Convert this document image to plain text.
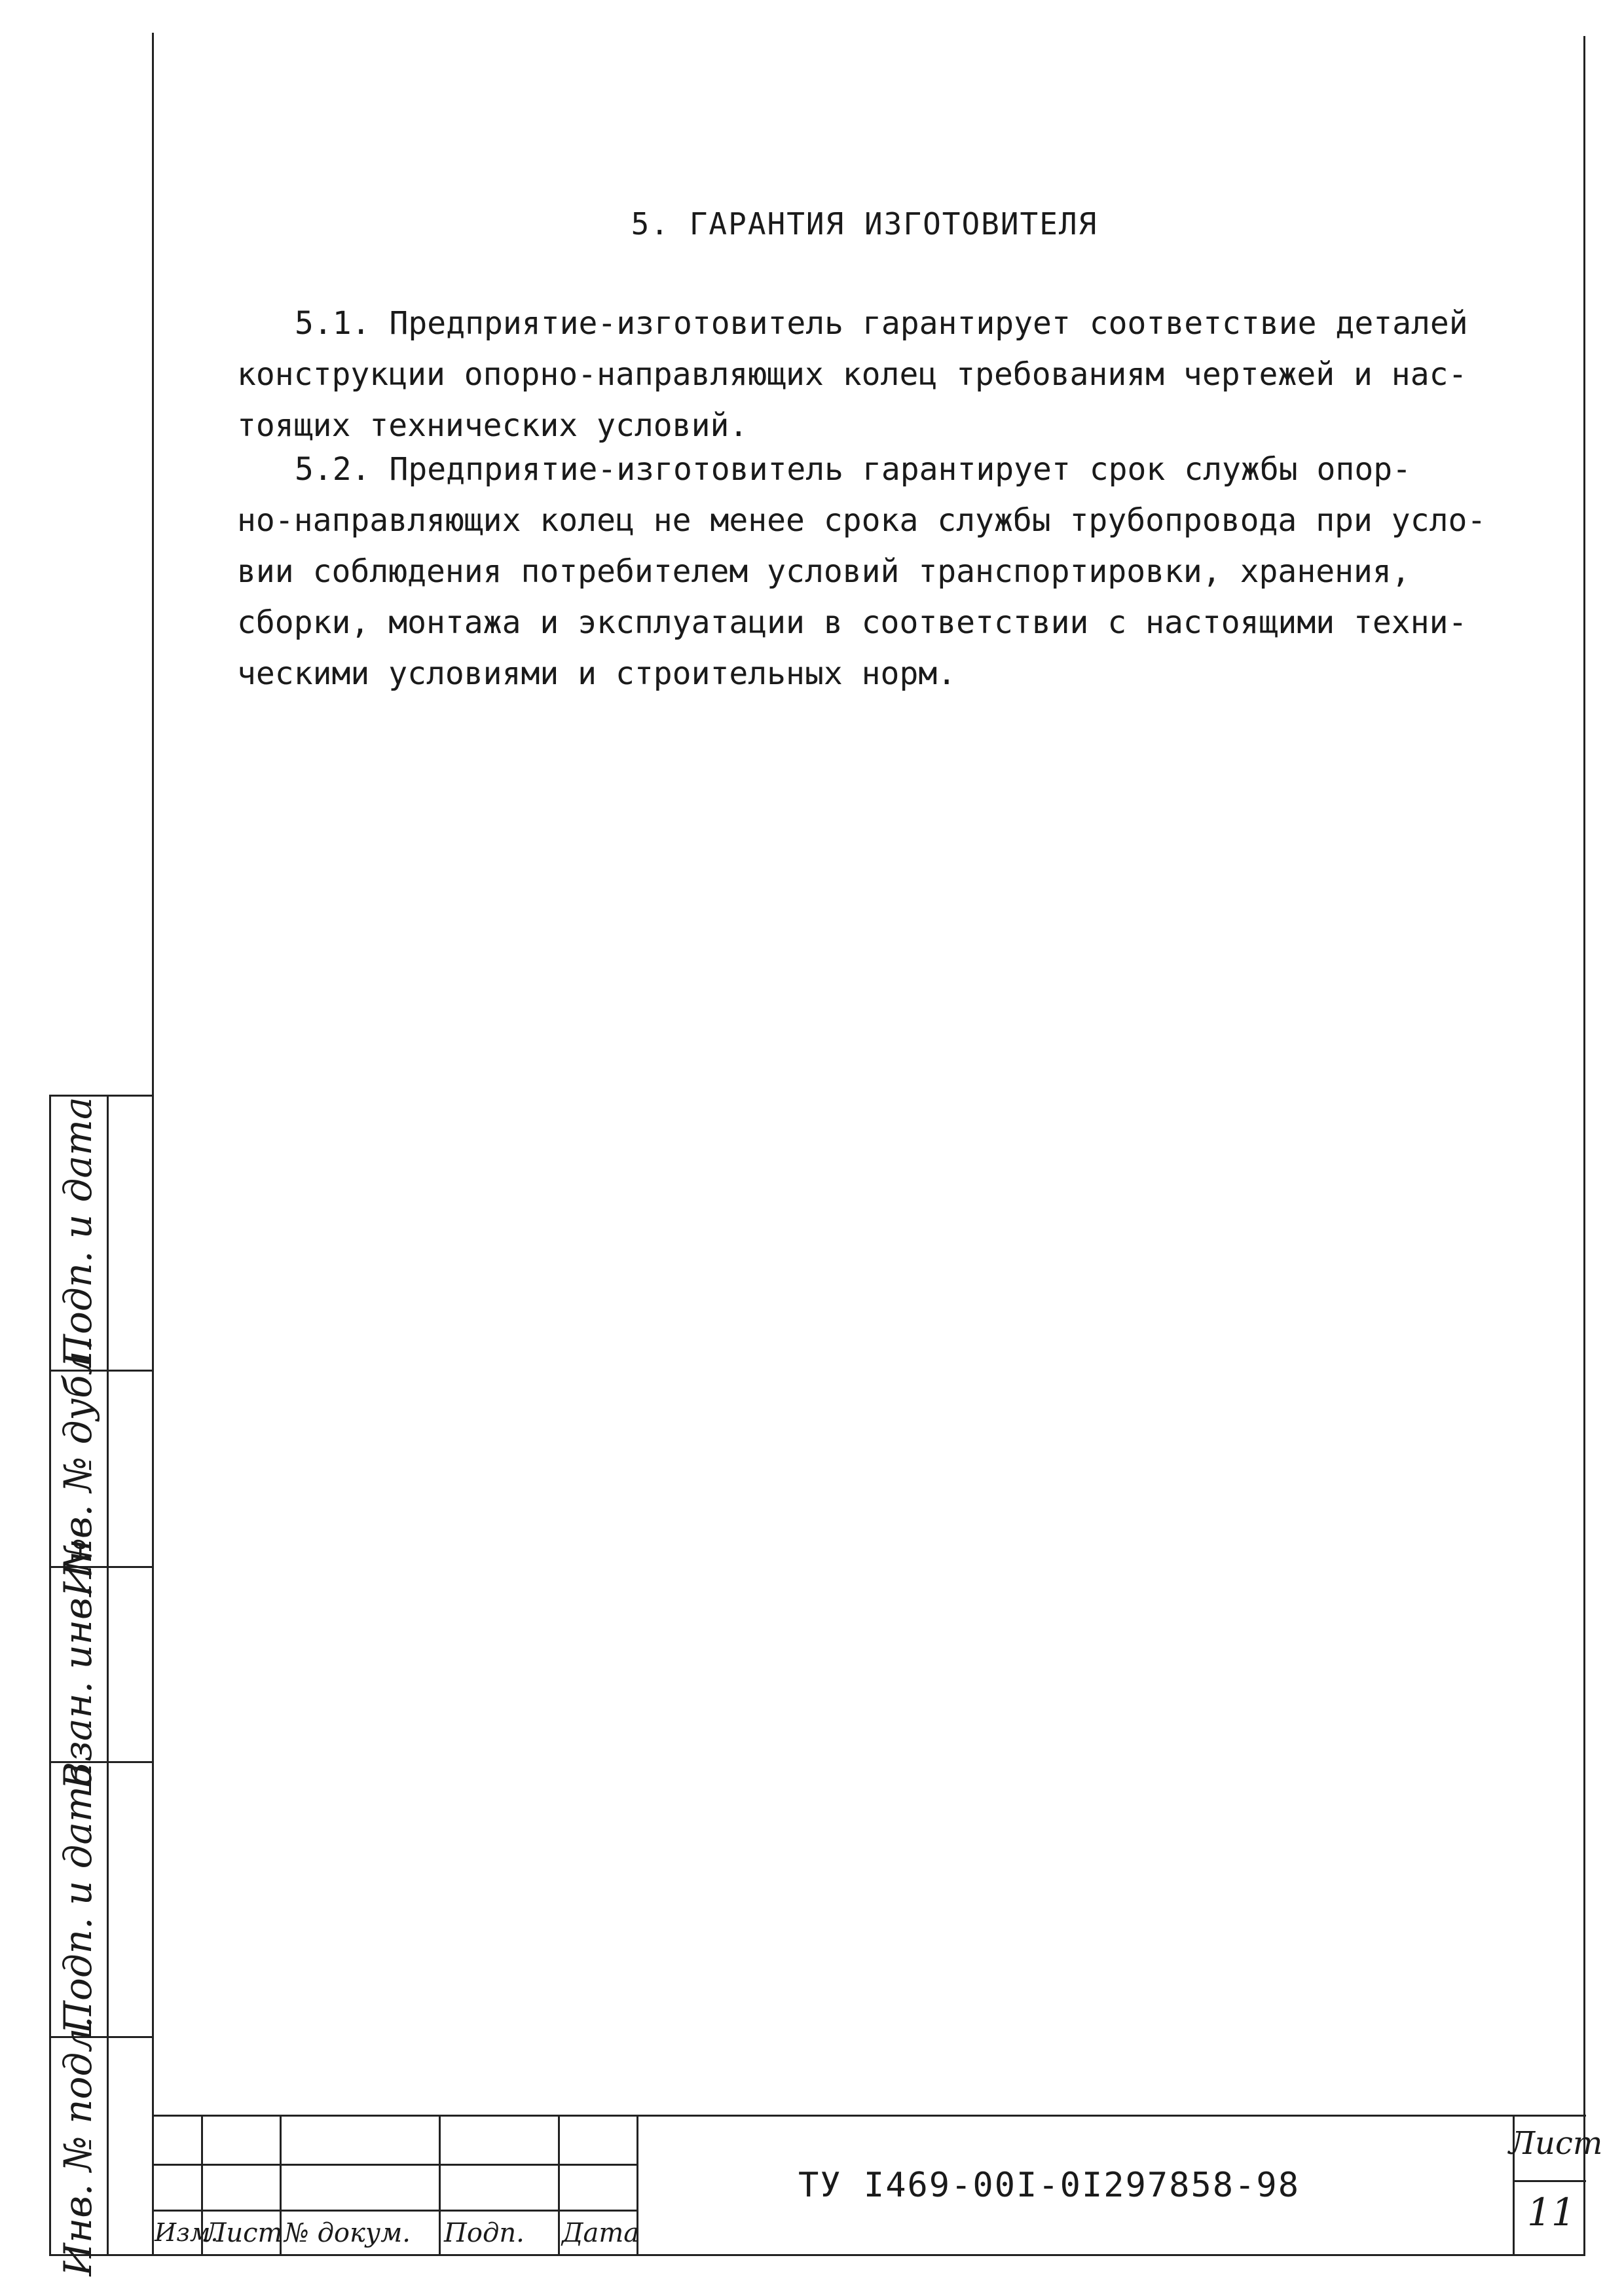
5. ГАРАНТИЯ ИЗГОТОВИТЕЛЯ
5.1. Предприятие-изготовитель гарантирует соответствие деталей
конструкции опорно-направляющих колец требованиям чертежей и нас-
тоящих технических условий.
5.2. Предприятие-изготовитель гарантирует срок службы опор-
но-направляющих колец не менее срока службы трубопровода при усло-
вии соблюдения потребителем условий транспортировки, хранения,
сборки, монтажа и эксплуатации в соответствии с настоящими техни-
ческими условиями и строительных норм.
Подп. и дата
Инв. № дубл.
Взан. инв. №
Подп. и дата
Инв. № подл. Изм.
Лист № докум. Подп. Дата
ТУ I469-00I-0I297858-98
Лист
11
